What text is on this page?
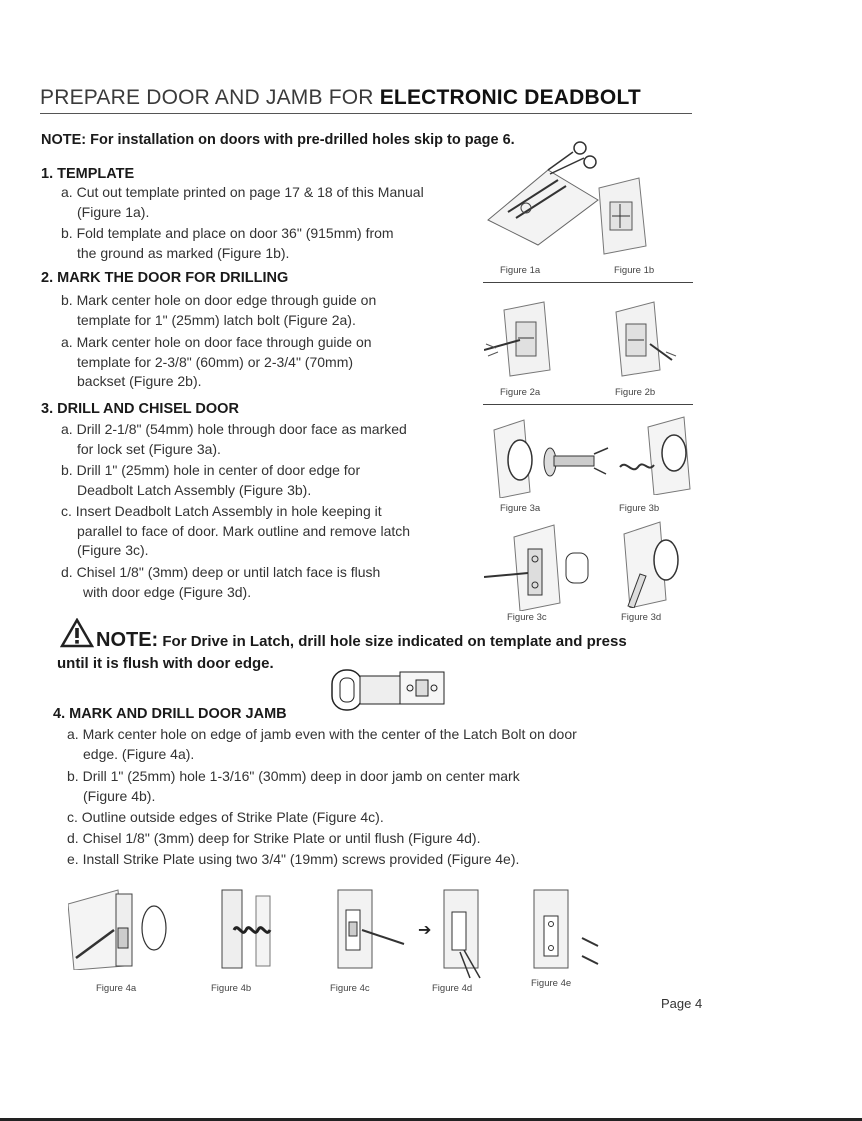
PREPARE DOOR AND JAMB FOR ELECTRONIC DEADBOLT
NOTE: For installation on doors with pre-drilled holes skip to page 6.
1. TEMPLATE
a. Cut out template printed on page 17 & 18 of this Manual
(Figure 1a).
b. Fold template and place on door 36" (915mm) from
the ground as marked (Figure 1b).
2. MARK THE DOOR FOR DRILLING
b. Mark center hole on door edge through guide on
template for 1" (25mm) latch bolt (Figure 2a).
a. Mark center hole on door face through guide on
template for 2-3/8" (60mm) or 2-3/4" (70mm)
backset (Figure 2b).
3. DRILL AND CHISEL DOOR
a. Drill 2-1/8" (54mm) hole through door face as marked
for lock set (Figure 3a).
b. Drill 1" (25mm) hole in center of door edge for
Deadbolt Latch Assembly (Figure 3b).
c. Insert Deadbolt Latch Assembly in hole keeping it
parallel to face of door. Mark outline and remove latch
(Figure 3c).
d. Chisel 1/8" (3mm) deep or until latch face is flush
with door edge (Figure 3d).
Figure 1a	Figure 1b
Figure 2a	Figure 2b
Figure 3a	Figure 3b
Figure 3c	Figure 3d
NOTE: For Drive in Latch, drill hole size indicated on template and press
until it is flush with door edge.
4. MARK AND DRILL DOOR JAMB
a. Mark center hole on edge of jamb even with the center of the Latch Bolt on door
edge. (Figure 4a).
b. Drill 1" (25mm) hole 1-3/16" (30mm) deep in door jamb on center mark
(Figure 4b).
c. Outline outside edges of Strike Plate (Figure 4c).
d. Chisel 1/8" (3mm) deep for Strike Plate or until flush (Figure 4d).
e. Install Strike Plate using two 3/4" (19mm) screws provided (Figure 4e).
Figure 4a	Figure 4b	Figure 4c
➔
Figure 4d	Figure 4e
Page 4
